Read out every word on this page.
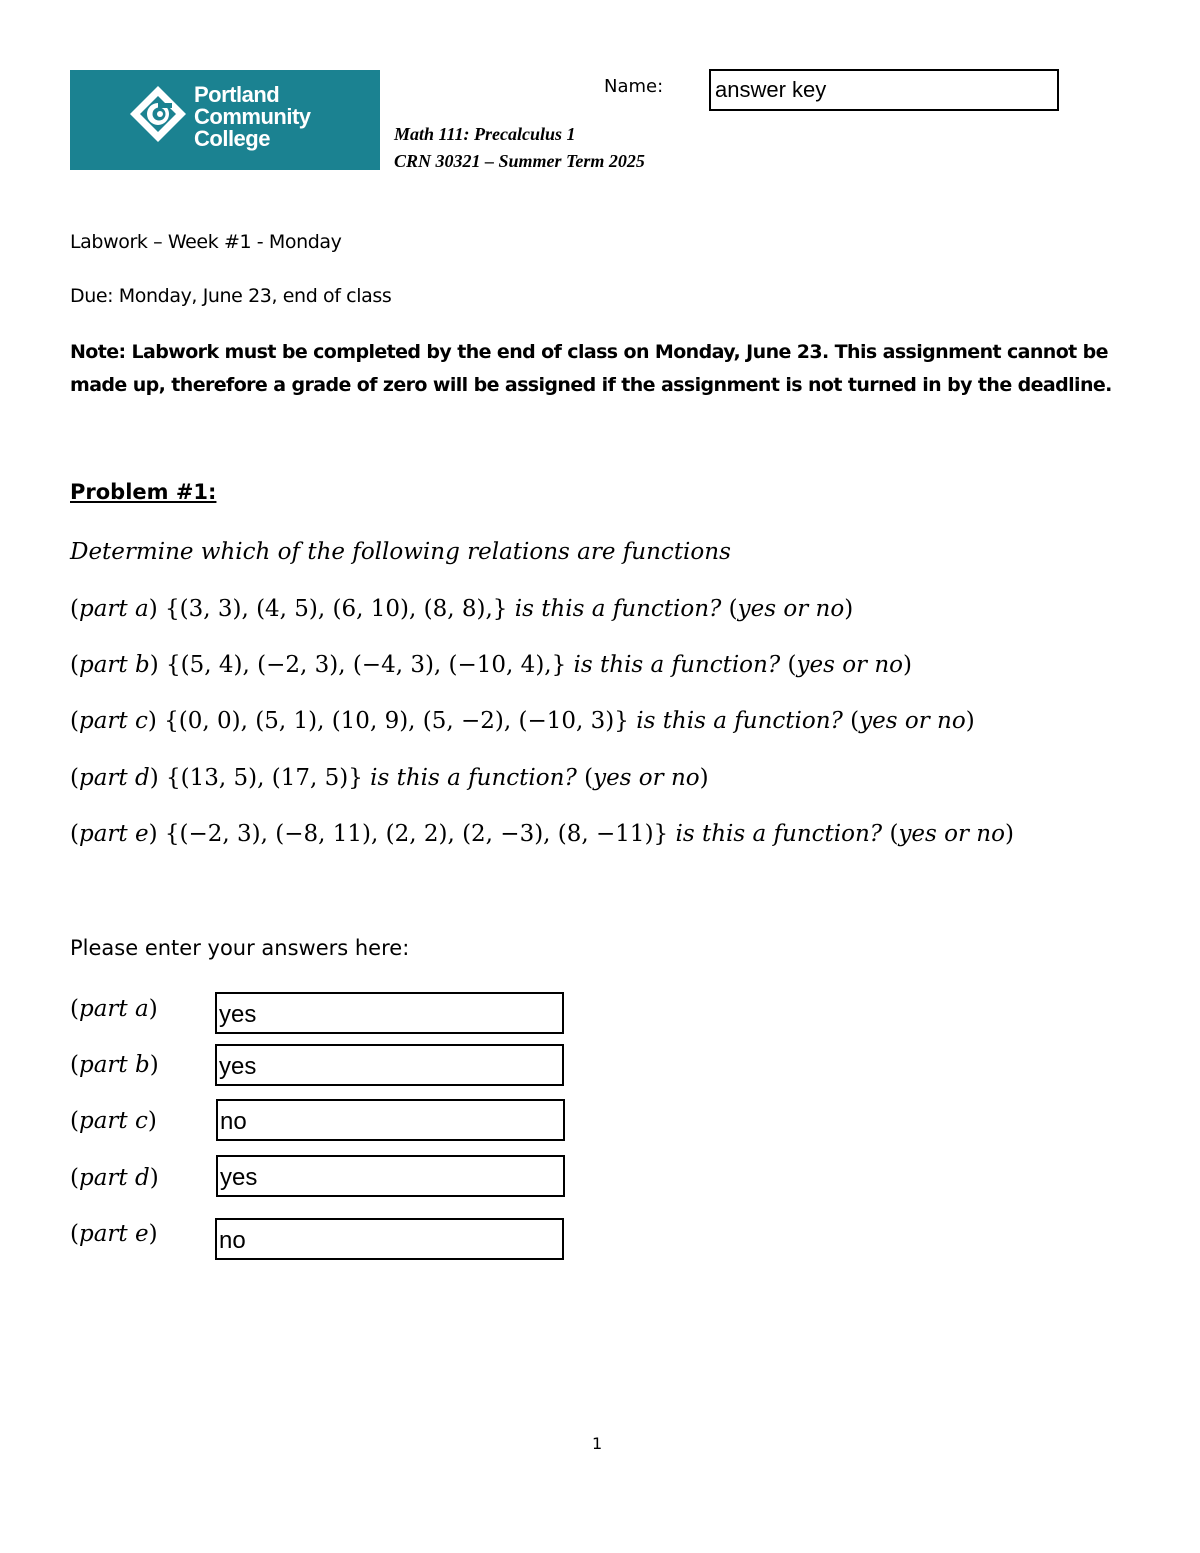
Portland
Community
College
Name: answer key
Math 111: Precalculus 1
CRN 30321 – Summer Term 2025
Labwork – Week #1 - Monday
Due: Monday, June 23, end of class
Note: Labwork must be completed by the end of class on Monday, June 23. This assignment cannot be made up, therefore a grade of zero will be assigned if the assignment is not turned in by the deadline.
Problem #1:
Determine which of the following relations are functions
(part a) {(3, 3), (4, 5), (6, 10), (8, 8),} is this a function? (yes or no)
(part b) {(5, 4), (−2, 3), (−4, 3), (−10, 4),} is this a function? (yes or no)
(part c) {(0, 0), (5, 1), (10, 9), (5, −2), (−10, 3)} is this a function? (yes or no)
(part d) {(13, 5), (17, 5)} is this a function? (yes or no)
(part e) {(−2, 3), (−8, 11), (2, 2), (2, −3), (8, −11)} is this a function? (yes or no)
Please enter your answers here:
(part a)	yes
(part b)	yes
(part c)	no
(part d)	yes
(part e)	no
1
